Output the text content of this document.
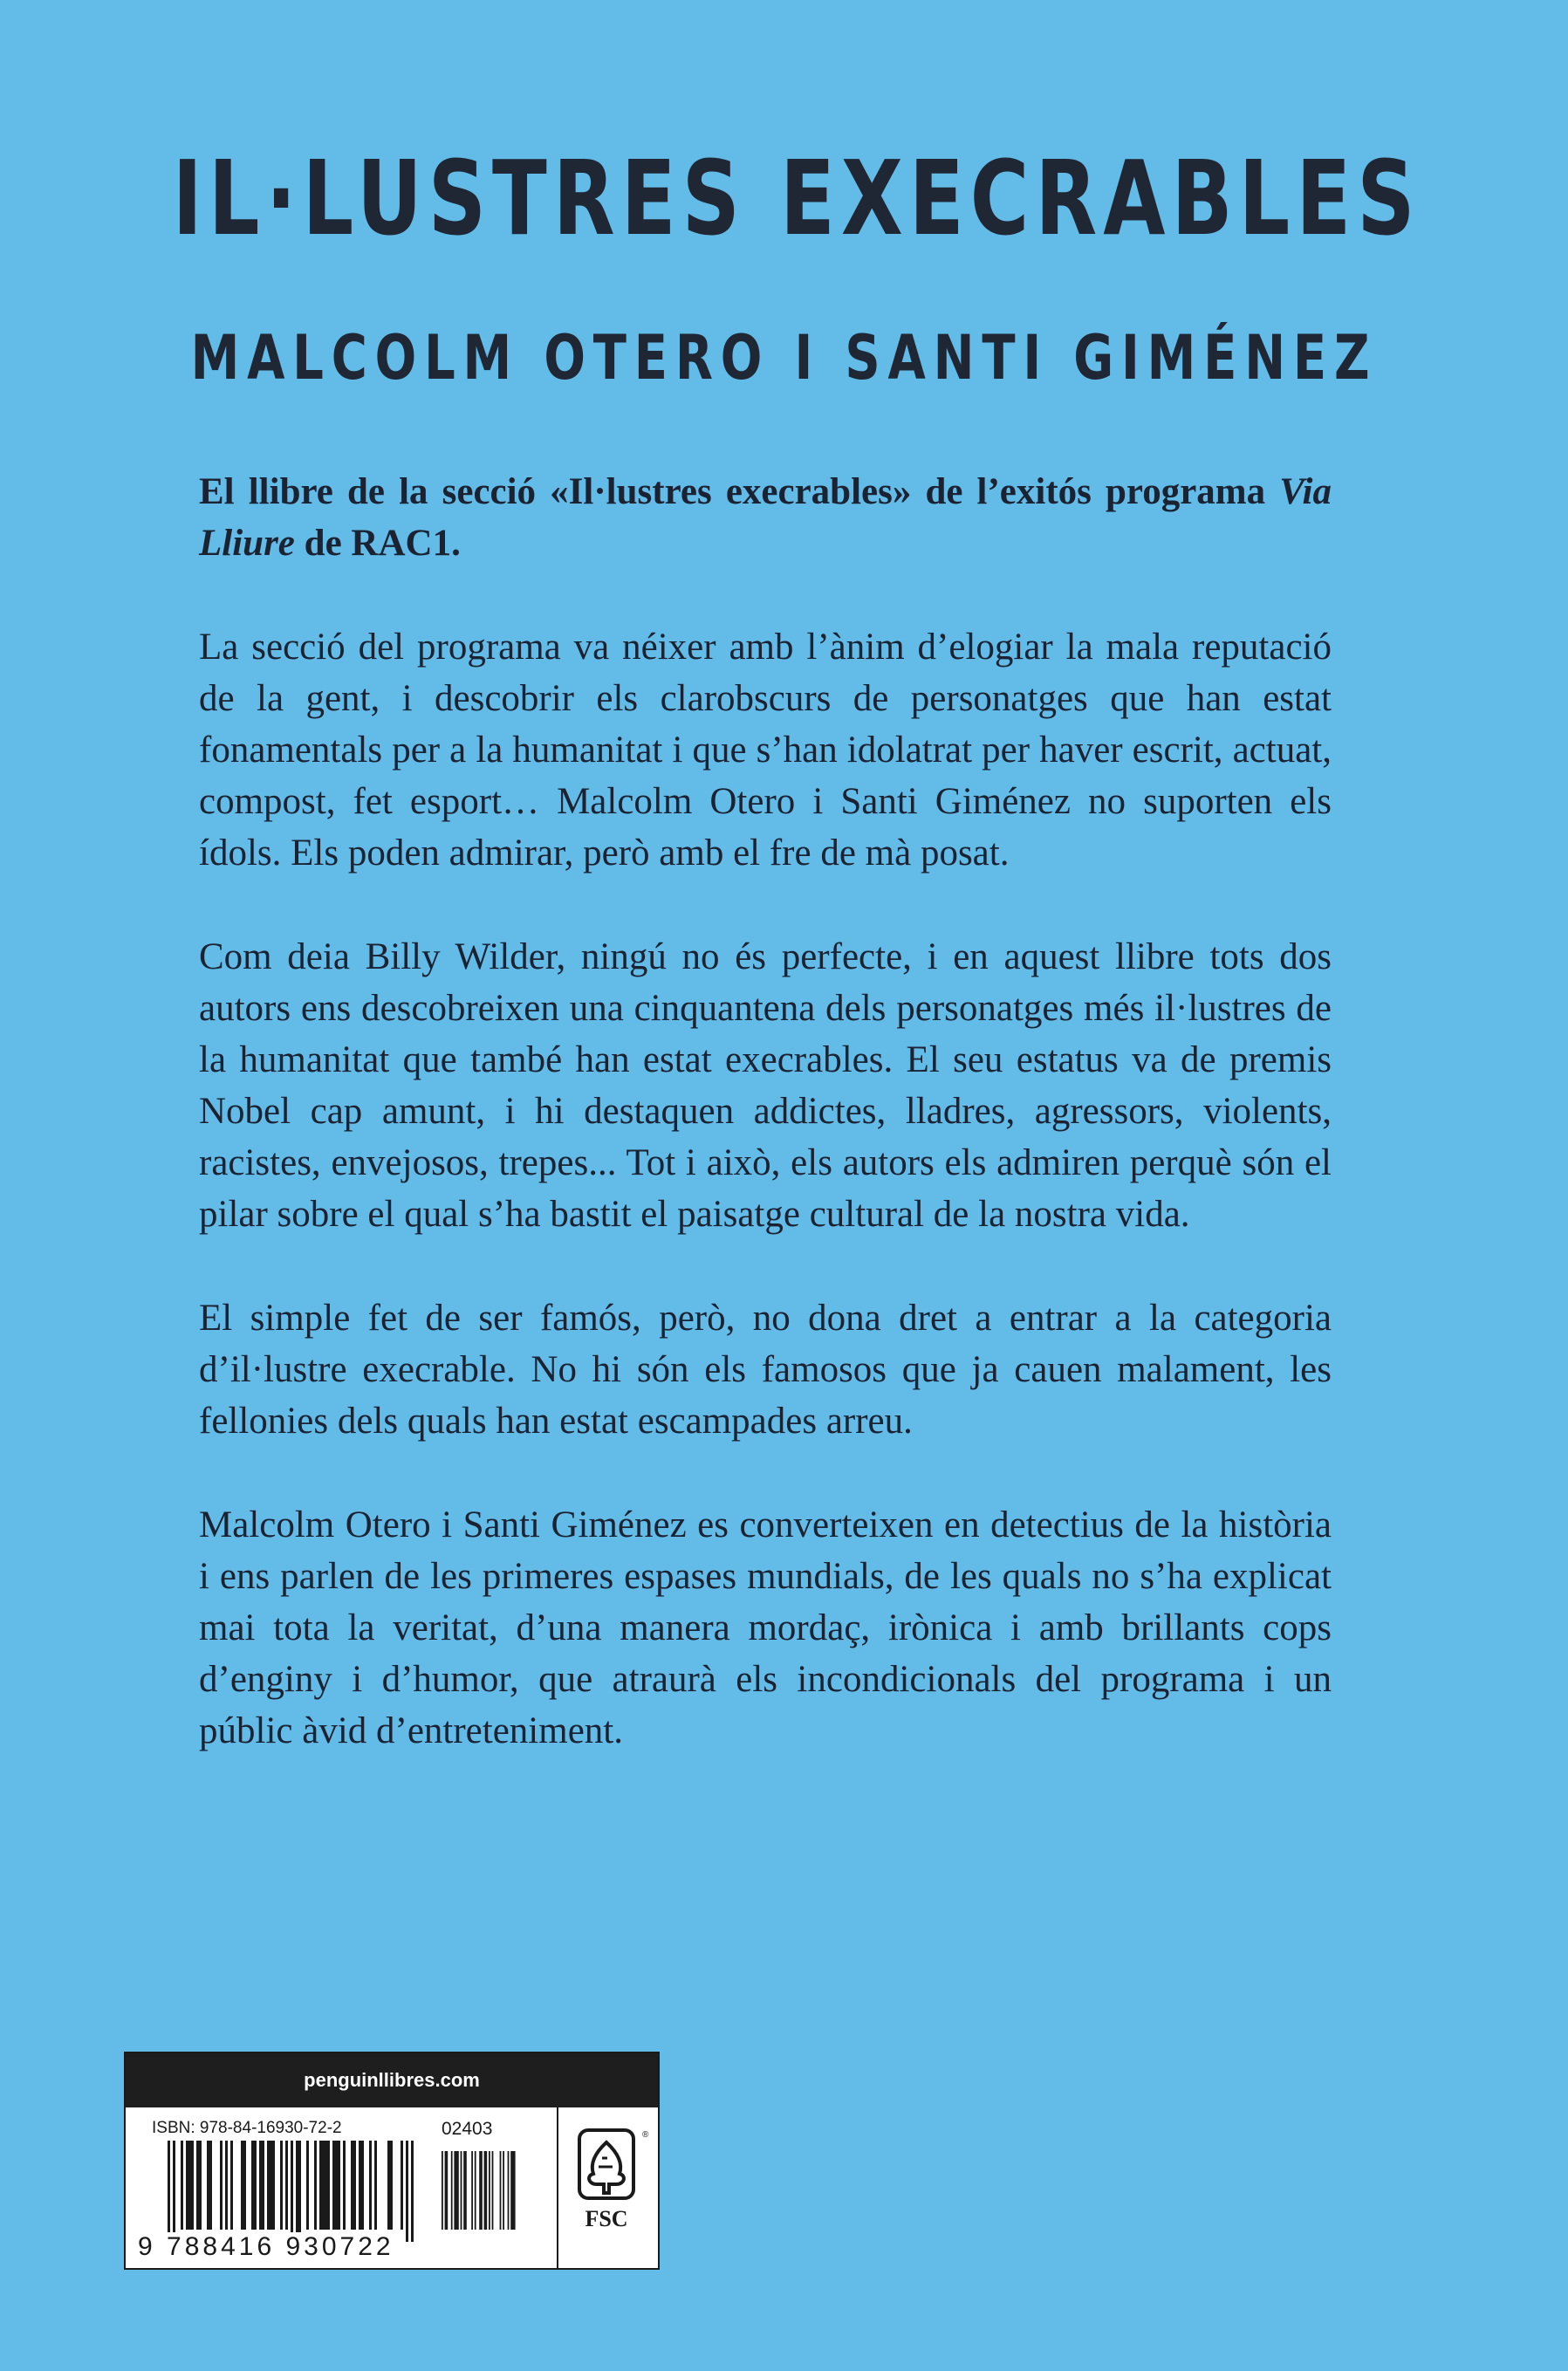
IL·LUSTRES EXECRABLES
MALCOLM OTERO I SANTI GIMÉNEZ

El llibre de la secció «Il·lustres execrables» de l’exitós programa Via Lliure de RAC1.

La secció del programa va néixer amb l’ànim d’elogiar la mala reputació de la gent, i descobrir els clarobscurs de personatges que han estat fonamentals per a la humanitat i que s’han idolatrat per haver escrit, actuat, compost, fet esport… Malcolm Otero i Santi Giménez no suporten els ídols. Els poden admirar, però amb el fre de mà posat.

Com deia Billy Wilder, ningú no és perfecte, i en aquest llibre tots dos autors ens descobreixen una cinquantena dels personatges més il·lustres de la humanitat que també han estat execrables. El seu estatus va de premis Nobel cap amunt, i hi destaquen addictes, lladres, agressors, violents, racistes, envejosos, trepes... Tot i això, els autors els admiren perquè són el pilar sobre el qual s’ha bastit el paisatge cultural de la nostra vida.

El simple fet de ser famós, però, no dona dret a entrar a la categoria d’il·lustre execrable. No hi són els famosos que ja cauen malament, les fellonies dels quals han estat escampades arreu.

Malcolm Otero i Santi Giménez es converteixen en detectius de la història i ens parlen de les primeres espases mundials, de les quals no s’ha explicat mai tota la veritat, d’una manera mordaç, irònica i amb brillants cops d’enginy i d’humor, que atraurà els incondicionals del programa i un públic àvid d’entreteniment.

penguinllibres.com
ISBN: 978-84-16930-72-2	02403
9 788416 930722
®
FSC
